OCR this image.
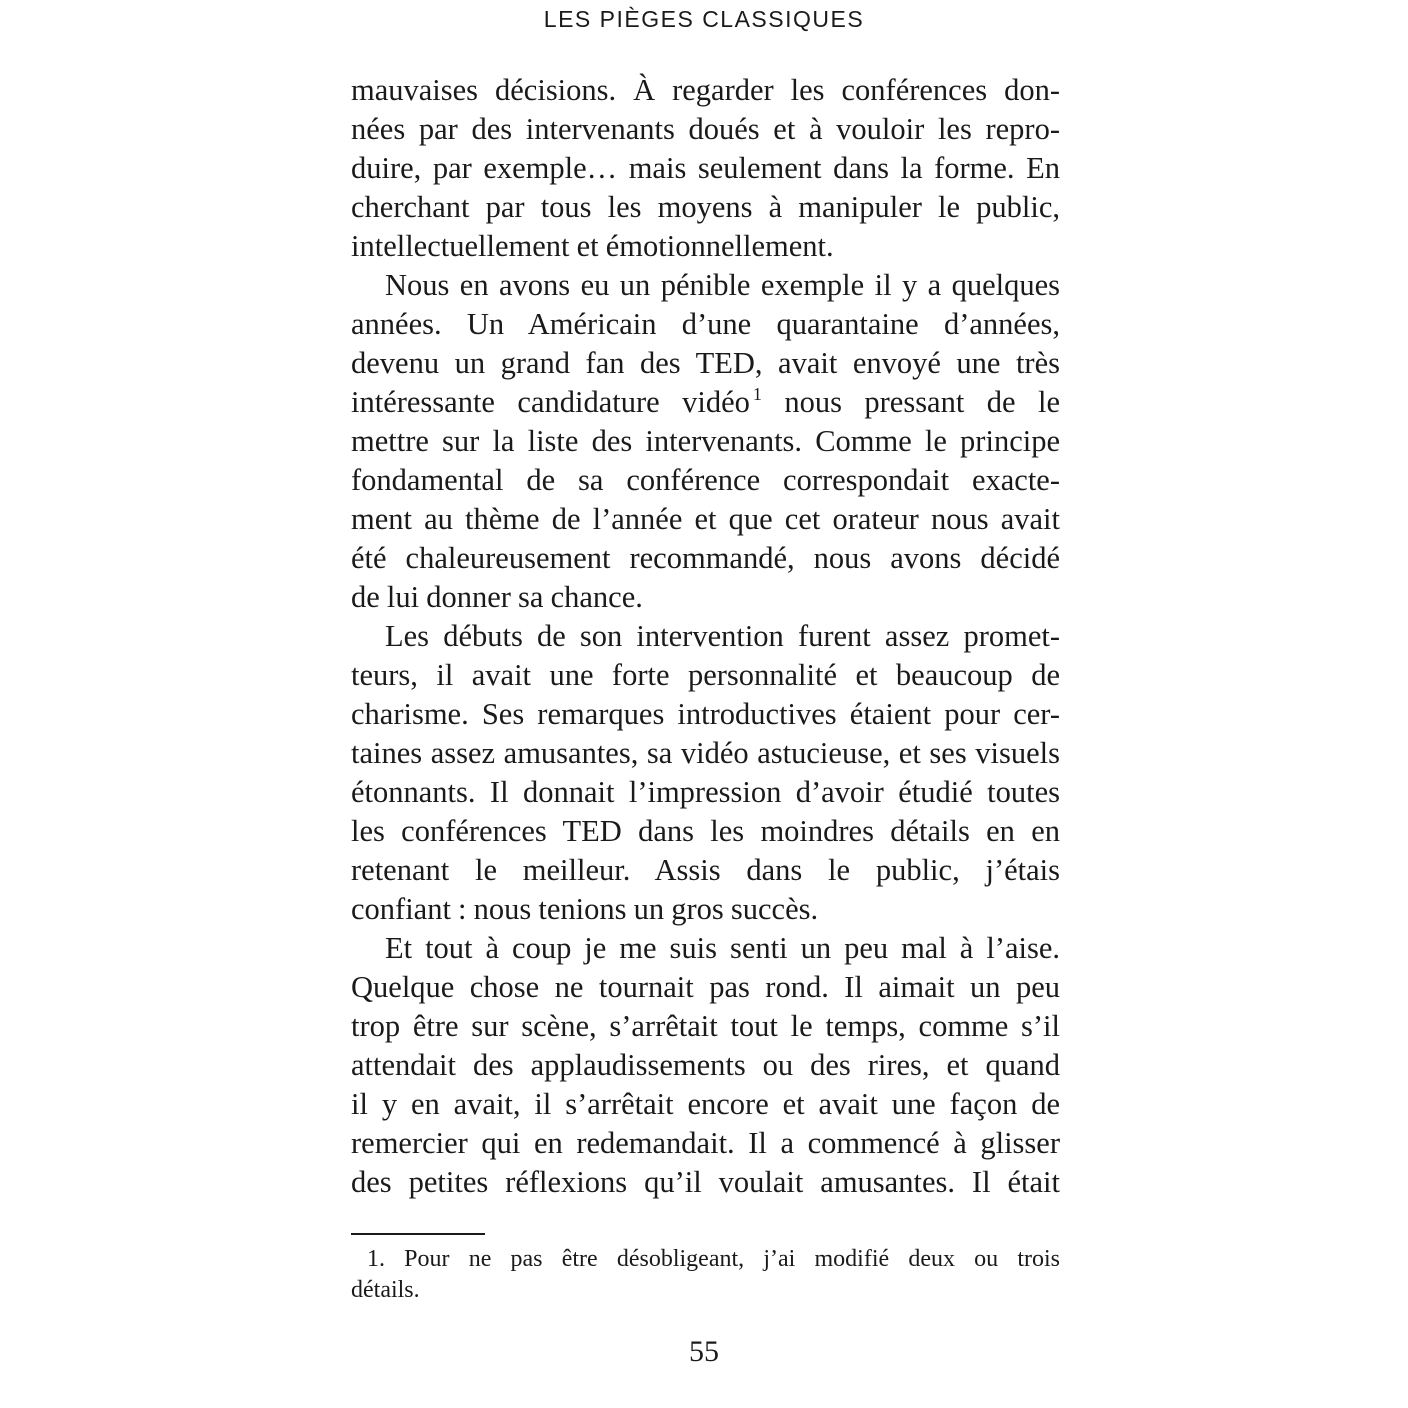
LES PIÈGES CLASSIQUES

mauvaises décisions. À regarder les conférences don-
nées par des intervenants doués et à vouloir les repro-
duire, par exemple… mais seulement dans la forme. En
cherchant par tous les moyens à manipuler le public,
intellectuellement et émotionnellement.

Nous en avons eu un pénible exemple il y a quelques
années. Un Américain d’une quarantaine d’années,
devenu un grand fan des TED, avait envoyé une très
intéressante candidature vidéo $^1$ nous pressant de le
mettre sur la liste des intervenants. Comme le principe
fondamental de sa conférence correspondait exacte-
ment au thème de l’année et que cet orateur nous avait
été chaleureusement recommandé, nous avons décidé
de lui donner sa chance.

Les débuts de son intervention furent assez promet-
teurs, il avait une forte personnalité et beaucoup de
charisme. Ses remarques introductives étaient pour cer-
taines assez amusantes, sa vidéo astucieuse, et ses visuels
étonnants. Il donnait l’impression d’avoir étudié toutes
les conférences TED dans les moindres détails en en
retenant le meilleur. Assis dans le public, j’étais
confiant : nous tenions un gros succès.

Et tout à coup je me suis senti un peu mal à l’aise.
Quelque chose ne tournait pas rond. Il aimait un peu
trop être sur scène, s’arrêtait tout le temps, comme s’il
attendait des applaudissements ou des rires, et quand
il y en avait, il s’arrêtait encore et avait une façon de
remercier qui en redemandait. Il a commencé à glisser
des petites réflexions qu’il voulait amusantes. Il était

1. Pour ne pas être désobligeant, j’ai modifié deux ou trois
détails.
55
